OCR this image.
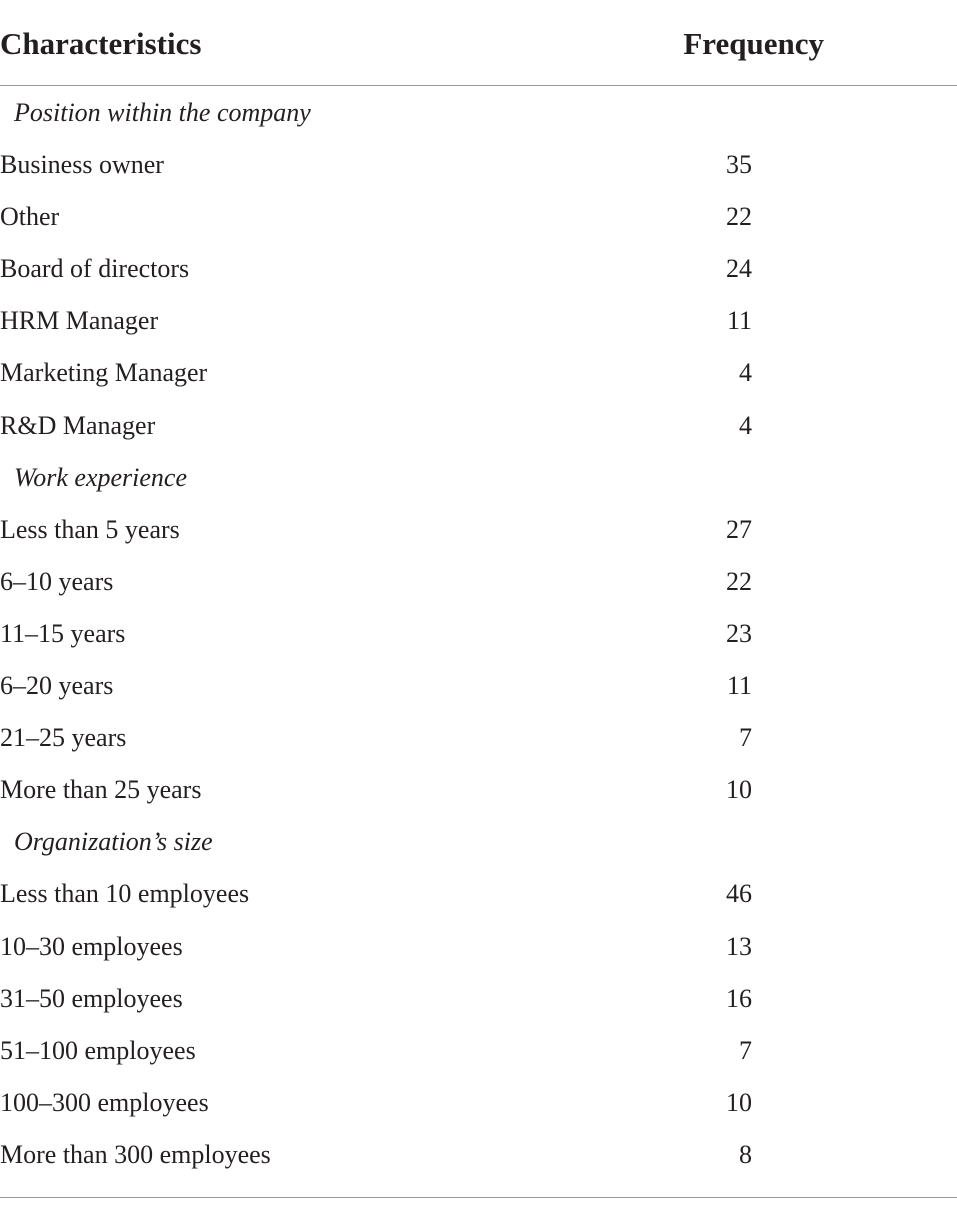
Characteristics	Frequency
Position within the company
Business owner	35
Other	22
Board of directors	24
HRM Manager	11
Marketing Manager	4
R&D Manager	4
Work experience
Less than 5 years	27
6–10 years	22
11–15 years	23
6–20 years	11
21–25 years	7
More than 25 years	10
Organization’s size
Less than 10 employees	46
10–30 employees	13
31–50 employees	16
51–100 employees	7
100–300 employees	10
More than 300 employees	8
